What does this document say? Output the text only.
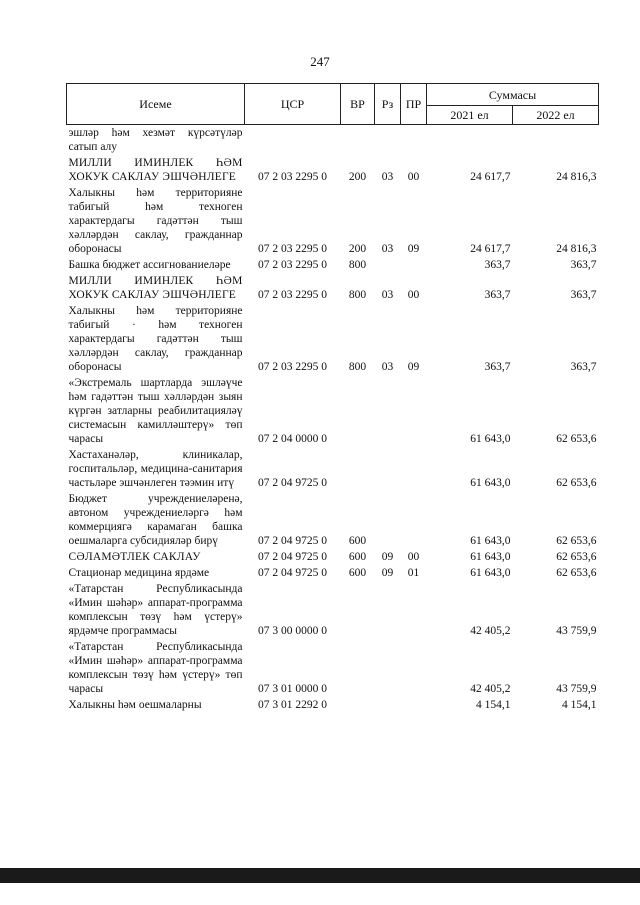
247
Исеме	ЦСР	ВР	Рз	ПР	Суммасы	
					2021 ел	2022 ел
эшләр һәм хезмәт күрсәтүләр сатып алу						
МИЛЛИ ИМИНЛЕК ҺӘМ ХОКУК САКЛАУ ЭШЧӘНЛЕГЕ	07 2 03 2295 0	200	03	00	24 617,7	24 816,3
Халыкны һәм территорияне табигый һәм техноген характердагы гадәттән тыш хәлләрдән саклау, гражданнар оборонасы	07 2 03 2295 0	200	03	09	24 617,7	24 816,3
Башка бюджет ассигнованиеләре	07 2 03 2295 0	800			363,7	363,7
МИЛЛИ ИМИНЛЕК ҺӘМ ХОКУК САКЛАУ ЭШЧӘНЛЕГЕ	07 2 03 2295 0	800	03	00	363,7	363,7
Халыкны һәм территорияне табигый · һәм техноген характердагы гадәттән тыш хәлләрдән саклау, гражданнар оборонасы	07 2 03 2295 0	800	03	09	363,7	363,7
«Экстремаль шартларда эшләүче һәм гадәттән тыш хәлләрдән зыян күргән затларны реабилитацияләү системасын камилләштерү» төп чарасы	07 2 04 0000 0				61 643,0	62 653,6
Хастаханәләр, клиникалар, госпитальләр, медицина-санитария частьләре эшчәнлеген тәэмин итү	07 2 04 9725 0				61 643,0	62 653,6
Бюджет учреждениеләренә, автоном учреждениеләргә һәм коммерциягә карамаган башка оешмаларга субсидияләр бирү	07 2 04 9725 0	600			61 643,0	62 653,6
СӘЛАМӘТЛЕК САКЛАУ	07 2 04 9725 0	600	09	00	61 643,0	62 653,6
Стационар медицина ярдәме	07 2 04 9725 0	600	09	01	61 643,0	62 653,6
«Татарстан Республикасында «Имин шәһәр» аппарат-программа комплексын төзү һәм үстерү» ярдәмче программасы	07 3 00 0000 0				42 405,2	43 759,9
«Татарстан Республикасында «Имин шәһәр» аппарат-программа комплексын төзү һәм үстерү» төп чарасы	07 3 01 0000 0				42 405,2	43 759,9
Халыкны һәм оешмаларны	07 3 01 2292 0				4 154,1	4 154,1
